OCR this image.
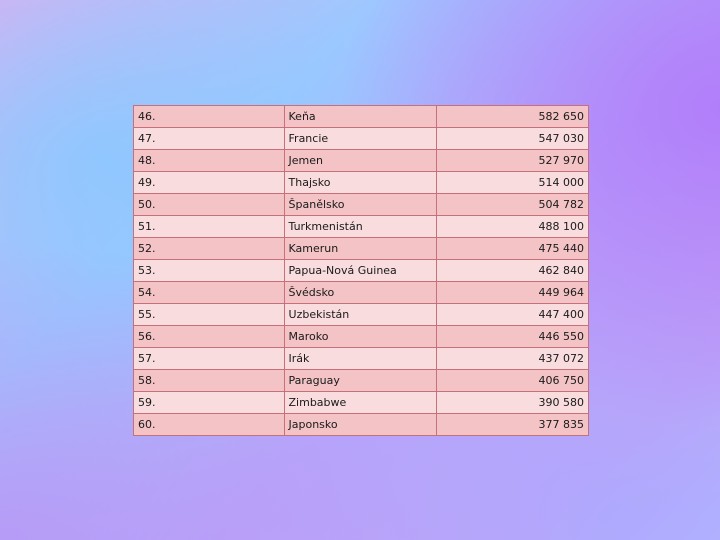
46.	Keňa	582 650
47.	Francie	547 030
48.	Jemen	527 970
49.	Thajsko	514 000
50.	Španělsko	504 782
51.	Turkmenistán	488 100
52.	Kamerun	475 440
53.	Papua-Nová Guinea	462 840
54.	Švédsko	449 964
55.	Uzbekistán	447 400
56.	Maroko	446 550
57.	Irák	437 072
58.	Paraguay	406 750
59.	Zimbabwe	390 580
60.	Japonsko	377 835
